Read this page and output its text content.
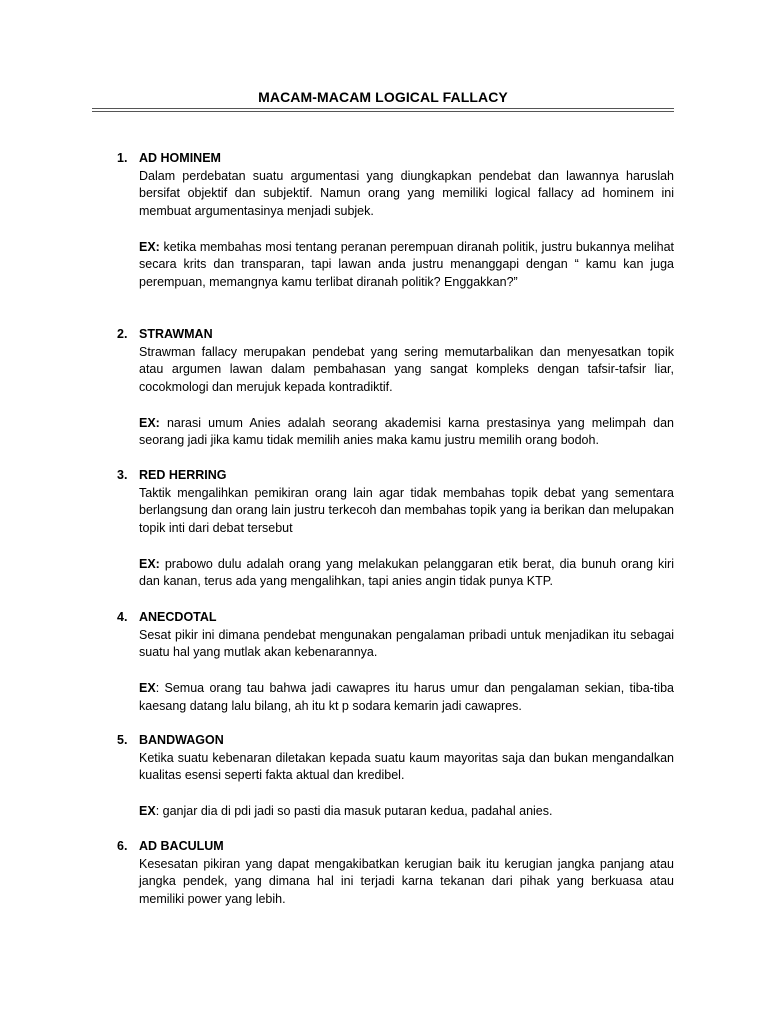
MACAM-MACAM LOGICAL FALLACY
1. AD HOMINEM
Dalam perdebatan suatu argumentasi yang diungkapkan pendebat dan lawannya haruslah bersifat objektif dan subjektif. Namun orang yang memiliki logical fallacy ad hominem ini membuat argumentasinya menjadi subjek.
EX: ketika membahas mosi tentang peranan perempuan diranah politik, justru bukannya melihat secara krits dan transparan, tapi lawan anda justru menanggapi dengan “ kamu kan juga perempuan, memangnya kamu terlibat diranah politik? Enggakkan?”
2. STRAWMAN
Strawman fallacy merupakan pendebat yang sering memutarbalikan dan menyesatkan topik atau argumen lawan dalam pembahasan yang sangat kompleks dengan tafsir-tafsir liar, cocokmologi dan merujuk kepada kontradiktif.
EX: narasi umum Anies adalah seorang akademisi karna prestasinya yang melimpah dan seorang jadi jika kamu tidak memilih anies maka kamu justru memilih orang bodoh.
3. RED HERRING
Taktik mengalihkan pemikiran orang lain agar tidak membahas topik debat yang sementara berlangsung dan orang lain justru terkecoh dan membahas topik yang ia berikan dan melupakan topik inti dari debat tersebut
EX: prabowo dulu adalah orang yang melakukan pelanggaran etik berat, dia bunuh orang kiri dan kanan, terus ada yang mengalihkan, tapi anies angin tidak punya KTP.
4. ANECDOTAL
Sesat pikir ini dimana pendebat mengunakan pengalaman pribadi untuk menjadikan itu sebagai suatu hal yang mutlak akan kebenarannya.
EX: Semua orang tau bahwa jadi cawapres itu harus umur dan pengalaman sekian, tiba-tiba kaesang datang lalu bilang, ah itu kt p sodara kemarin jadi cawapres.
5. BANDWAGON
Ketika suatu kebenaran diletakan kepada suatu kaum mayoritas saja dan bukan mengandalkan kualitas esensi seperti fakta aktual dan kredibel.
EX: ganjar dia di pdi jadi so pasti dia masuk putaran kedua, padahal anies.
6. AD BACULUM
Kesesatan pikiran yang dapat mengakibatkan kerugian baik itu kerugian jangka panjang atau jangka pendek, yang dimana hal ini terjadi karna tekanan dari pihak yang berkuasa atau memiliki power yang lebih.
